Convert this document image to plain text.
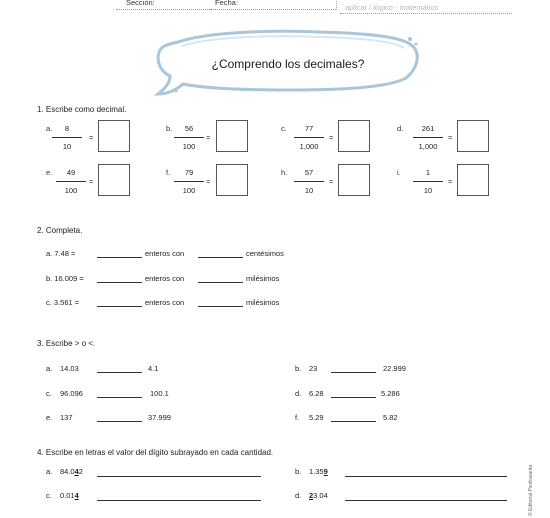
Sección:	Fecha:
aplicar / lógico - matemático
¿Comprendo los decimales?
1. Escribe como decimal.
a.	8
10
=
b.	56
100
=
c.	77
1,000
=
d.	261
1,000
=
e.	49
100
=
f.	79
100
=
h.	57
10
=
i.	1
10
=
2. Completa.
a. 7.48 =	enteros con	centésimos
b. 16.009 =	enteros con	milésimos
c. 3.561 =	enteros con	milésimos
3. Escribe > o <.
a. 14.03	4.1	b. 23	22.999
c. 96.096	100.1	d. 6.28	5.286
e. 137	37.999	f. 5.29	5.82
4. Escribe en letras el valor del dígito subrayado en cada cantidad.
a. 84.042	b. 1.359
c. 0.014	d. 23.04	© Editorial Piedrasanta
